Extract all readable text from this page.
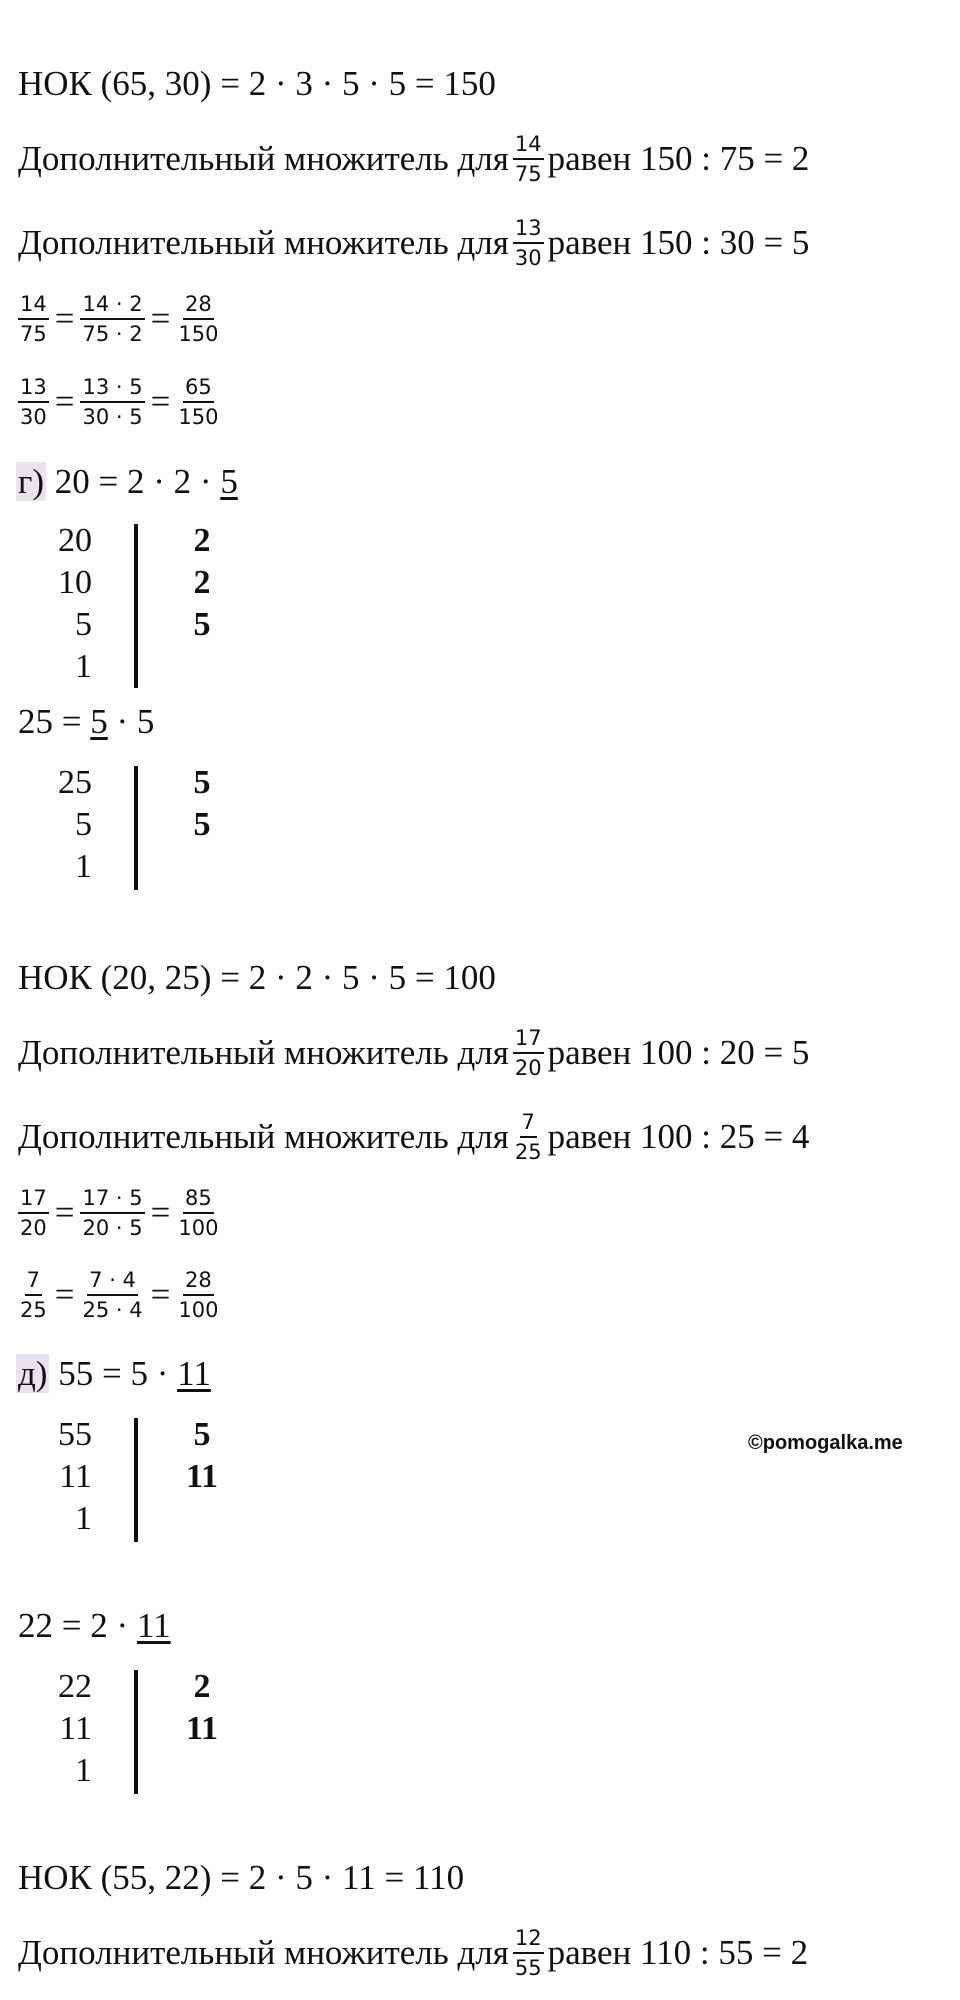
НОК (65, 30) = 2 · 3 · 5 · 5 = 150
Дополнительный множитель для $\frac{14}{75}$ равен 150 : 75 = 2
Дополнительный множитель для $\frac{13}{30}$ равен 150 : 30 = 5
$\frac{14}{75} = \frac{14 \cdot 2}{75 \cdot 2} = \frac{28}{150}$
$\frac{13}{30} = \frac{13 \cdot 5}{30 \cdot 5} = \frac{65}{150}$
г) 20 = 2 · 2 · 5
20
10
5
1
2
2
5
25 = 5 · 5
25
5
1
5
5
НОК (20, 25) = 2 · 2 · 5 · 5 = 100
Дополнительный множитель для $\frac{17}{20}$ равен 100 : 20 = 5
Дополнительный множитель для $\frac{7}{25}$ равен 100 : 25 = 4
$\frac{17}{20} = \frac{17 \cdot 5}{20 \cdot 5} = \frac{85}{100}$
$\frac{7}{25} = \frac{7 \cdot 4}{25 \cdot 4} = \frac{28}{100}$
д) 55 = 5 · 11
55
11
1
5
11
©pomogalka.me
22 = 2 · 11
22
11
1
2
11
НОК (55, 22) = 2 · 5 · 11 = 110
Дополнительный множитель для $\frac{12}{55}$ равен 110 : 55 = 2
